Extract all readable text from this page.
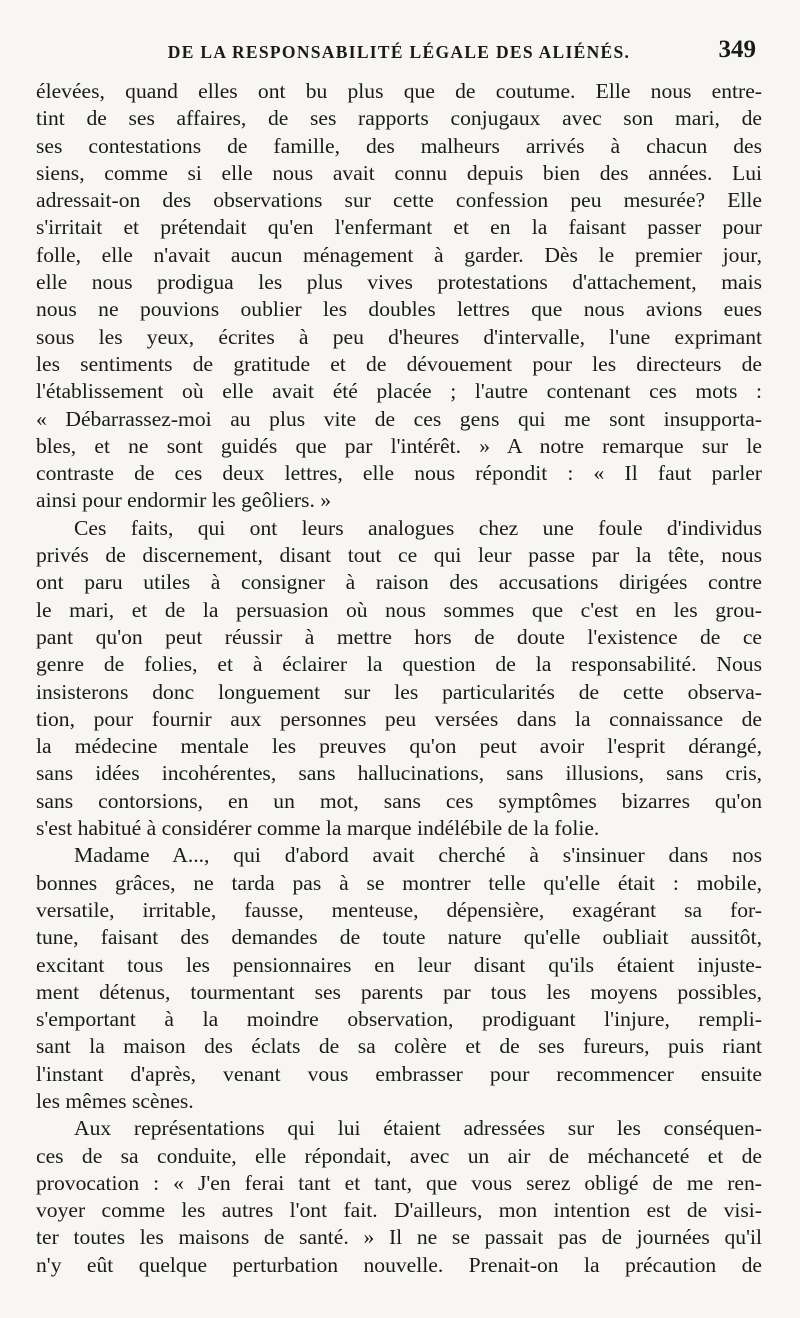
DE LA RESPONSABILITÉ LÉGALE DES ALIÉNÉS.	349
élevées, quand elles ont bu plus que de coutume. Elle nous entre-
tint de ses affaires, de ses rapports conjugaux avec son mari, de
ses contestations de famille, des malheurs arrivés à chacun des
siens, comme si elle nous avait connu depuis bien des années. Lui
adressait-on des observations sur cette confession peu mesurée? Elle
s'irritait et prétendait qu'en l'enfermant et en la faisant passer pour
folle, elle n'avait aucun ménagement à garder. Dès le premier jour,
elle nous prodigua les plus vives protestations d'attachement, mais
nous ne pouvions oublier les doubles lettres que nous avions eues
sous les yeux, écrites à peu d'heures d'intervalle, l'une exprimant
les sentiments de gratitude et de dévouement pour les directeurs de
l'établissement où elle avait été placée ; l'autre contenant ces mots :
« Débarrassez-moi au plus vite de ces gens qui me sont insupporta-
bles, et ne sont guidés que par l'intérêt. » A notre remarque sur le
contraste de ces deux lettres, elle nous répondit : « Il faut parler
ainsi pour endormir les geôliers. »
Ces faits, qui ont leurs analogues chez une foule d'individus
privés de discernement, disant tout ce qui leur passe par la tête, nous
ont paru utiles à consigner à raison des accusations dirigées contre
le mari, et de la persuasion où nous sommes que c'est en les grou-
pant qu'on peut réussir à mettre hors de doute l'existence de ce
genre de folies, et à éclairer la question de la responsabilité. Nous
insisterons donc longuement sur les particularités de cette observa-
tion, pour fournir aux personnes peu versées dans la connaissance de
la médecine mentale les preuves qu'on peut avoir l'esprit dérangé,
sans idées incohérentes, sans hallucinations, sans illusions, sans cris,
sans contorsions, en un mot, sans ces symptômes bizarres qu'on
s'est habitué à considérer comme la marque indélébile de la folie.
Madame A..., qui d'abord avait cherché à s'insinuer dans nos
bonnes grâces, ne tarda pas à se montrer telle qu'elle était : mobile,
versatile, irritable, fausse, menteuse, dépensière, exagérant sa for-
tune, faisant des demandes de toute nature qu'elle oubliait aussitôt,
excitant tous les pensionnaires en leur disant qu'ils étaient injuste-
ment détenus, tourmentant ses parents par tous les moyens possibles,
s'emportant à la moindre observation, prodiguant l'injure, rempli-
sant la maison des éclats de sa colère et de ses fureurs, puis riant
l'instant d'après, venant vous embrasser pour recommencer ensuite
les mêmes scènes.
Aux représentations qui lui étaient adressées sur les conséquen-
ces de sa conduite, elle répondait, avec un air de méchanceté et de
provocation : « J'en ferai tant et tant, que vous serez obligé de me ren-
voyer comme les autres l'ont fait. D'ailleurs, mon intention est de visi-
ter toutes les maisons de santé. » Il ne se passait pas de journées qu'il
n'y eût quelque perturbation nouvelle. Prenait-on la précaution de
